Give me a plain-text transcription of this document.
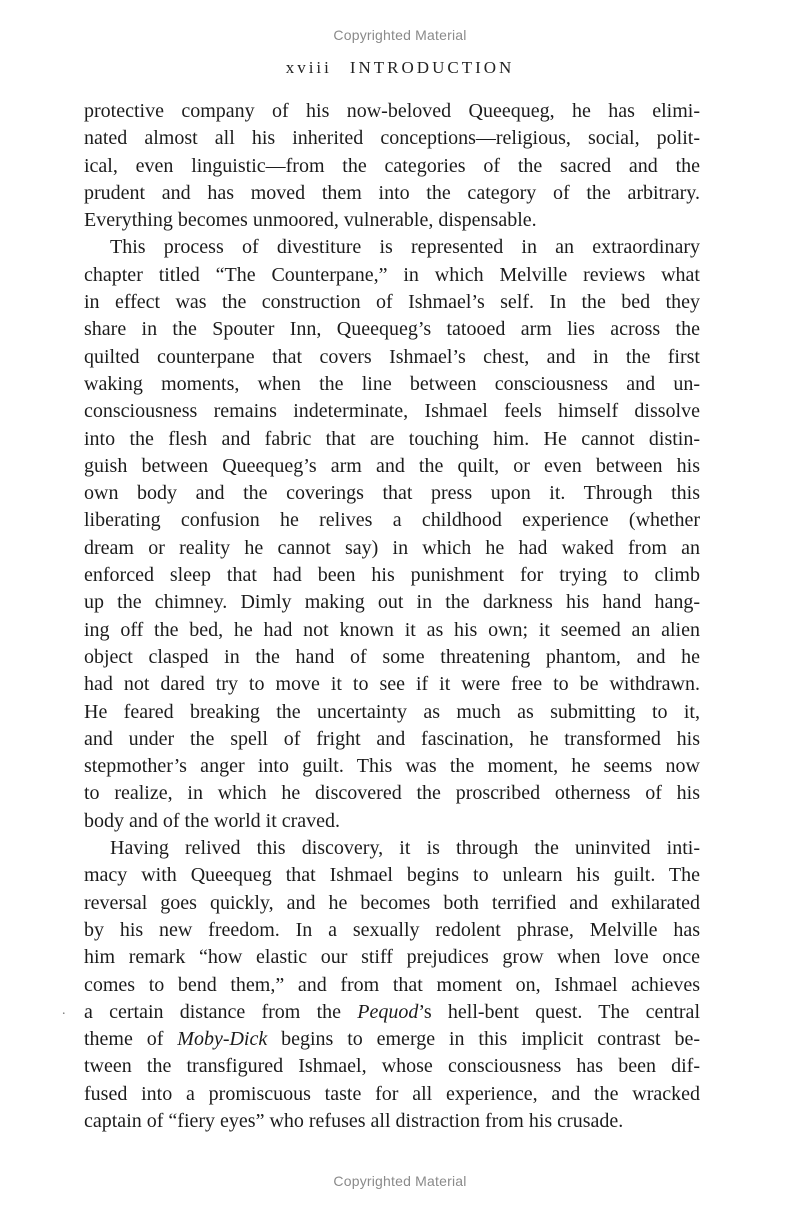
Copyrighted Material
xviii INTRODUCTION
protective company of his now-beloved Queequeg, he has elimi-
nated almost all his inherited conceptions—religious, social, polit-
ical, even linguistic—from the categories of the sacred and the
prudent and has moved them into the category of the arbitrary.
Everything becomes unmoored, vulnerable, dispensable.
This process of divestiture is represented in an extraordinary
chapter titled “The Counterpane,” in which Melville reviews what
in effect was the construction of Ishmael’s self. In the bed they
share in the Spouter Inn, Queequeg’s tatooed arm lies across the
quilted counterpane that covers Ishmael’s chest, and in the first
waking moments, when the line between consciousness and un-
consciousness remains indeterminate, Ishmael feels himself dissolve
into the flesh and fabric that are touching him. He cannot distin-
guish between Queequeg’s arm and the quilt, or even between his
own body and the coverings that press upon it. Through this
liberating confusion he relives a childhood experience (whether
dream or reality he cannot say) in which he had waked from an
enforced sleep that had been his punishment for trying to climb
up the chimney. Dimly making out in the darkness his hand hang-
ing off the bed, he had not known it as his own; it seemed an alien
object clasped in the hand of some threatening phantom, and he
had not dared try to move it to see if it were free to be withdrawn.
He feared breaking the uncertainty as much as submitting to it,
and under the spell of fright and fascination, he transformed his
stepmother’s anger into guilt. This was the moment, he seems now
to realize, in which he discovered the proscribed otherness of his
body and of the world it craved.
Having relived this discovery, it is through the uninvited inti-
macy with Queequeg that Ishmael begins to unlearn his guilt. The
reversal goes quickly, and he becomes both terrified and exhilarated
by his new freedom. In a sexually redolent phrase, Melville has
him remark “how elastic our stiff prejudices grow when love once
comes to bend them,” and from that moment on, Ishmael achieves
a certain distance from the Pequod’s hell-bent quest. The central
theme of Moby-Dick begins to emerge in this implicit contrast be-
tween the transfigured Ishmael, whose consciousness has been dif-
fused into a promiscuous taste for all experience, and the wracked
captain of “fiery eyes” who refuses all distraction from his crusade.
.
Copyrighted Material
